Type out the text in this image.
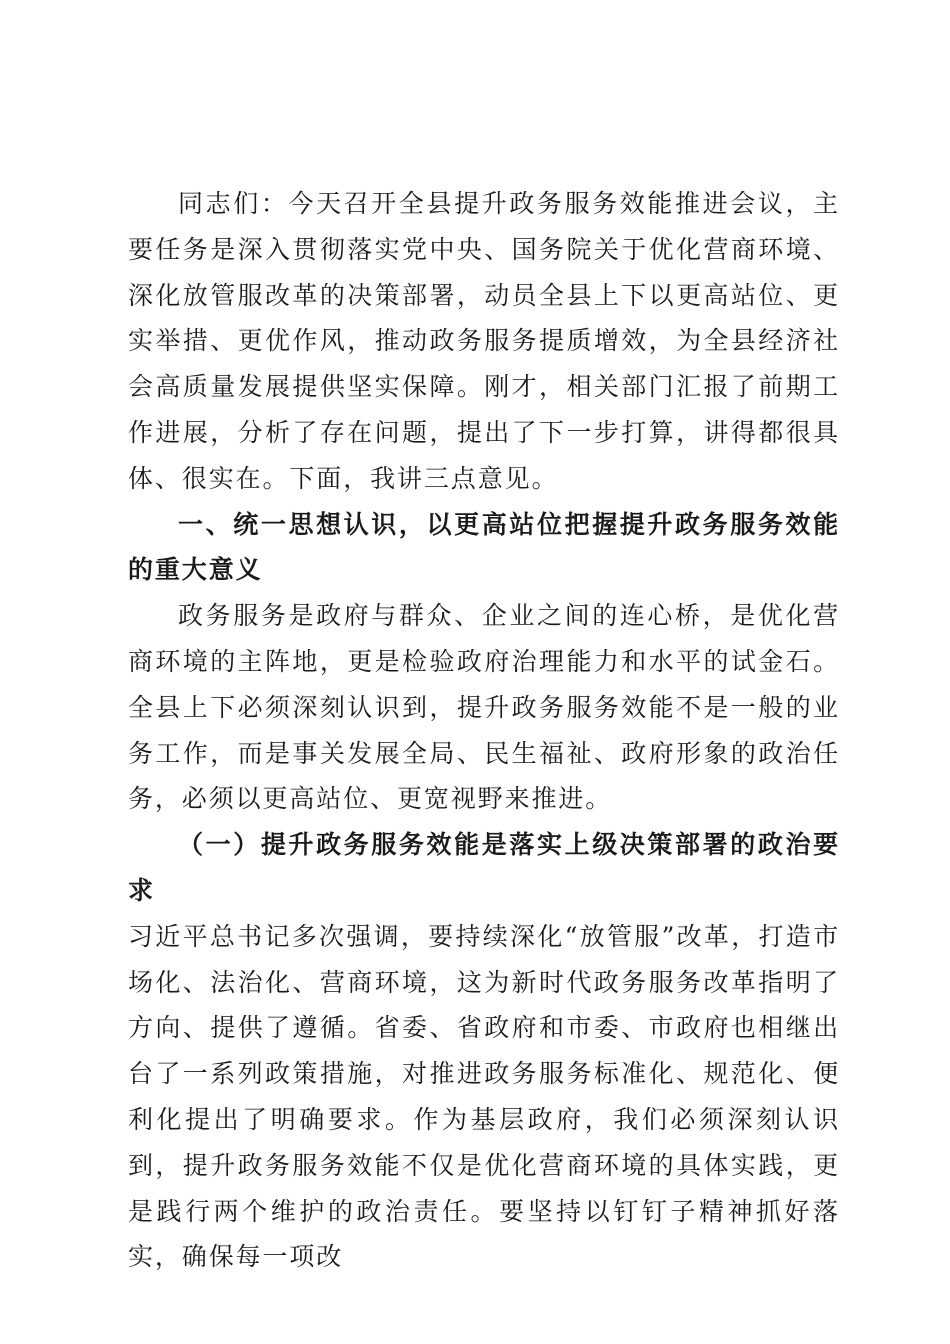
同志们：今天召开全县提升政务服务效能推进会议，主要任务是深入贯彻落实党中央、国务院关于优化营商环境、深化放管服改革的决策部署，动员全县上下以更高站位、更实举措、更优作风，推动政务服务提质增效，为全县经济社会高质量发展提供坚实保障。刚才，相关部门汇报了前期工作进展，分析了存在问题，提出了下一步打算，讲得都很具体、很实在。下面，我讲三点意见。

一、统一思想认识，以更高站位把握提升政务服务效能的重大意义

政务服务是政府与群众、企业之间的连心桥，是优化营商环境的主阵地，更是检验政府治理能力和水平的试金石。全县上下必须深刻认识到，提升政务服务效能不是一般的业务工作，而是事关发展全局、民生福祉、政府形象的政治任务，必须以更高站位、更宽视野来推进。

（一）提升政务服务效能是落实上级决策部署的政治要求

习近平总书记多次强调，要持续深化“放管服”改革，打造市场化、法治化、营商环境，这为新时代政务服务改革指明了方向、提供了遵循。省委、省政府和市委、市政府也相继出台了一系列政策措施，对推进政务服务标准化、规范化、便利化提出了明确要求。作为基层政府，我们必须深刻认识到，提升政务服务效能不仅是优化营商环境的具体实践，更是践行两个维护的政治责任。要坚持以钉钉子精神抓好落实，确保每一项改
